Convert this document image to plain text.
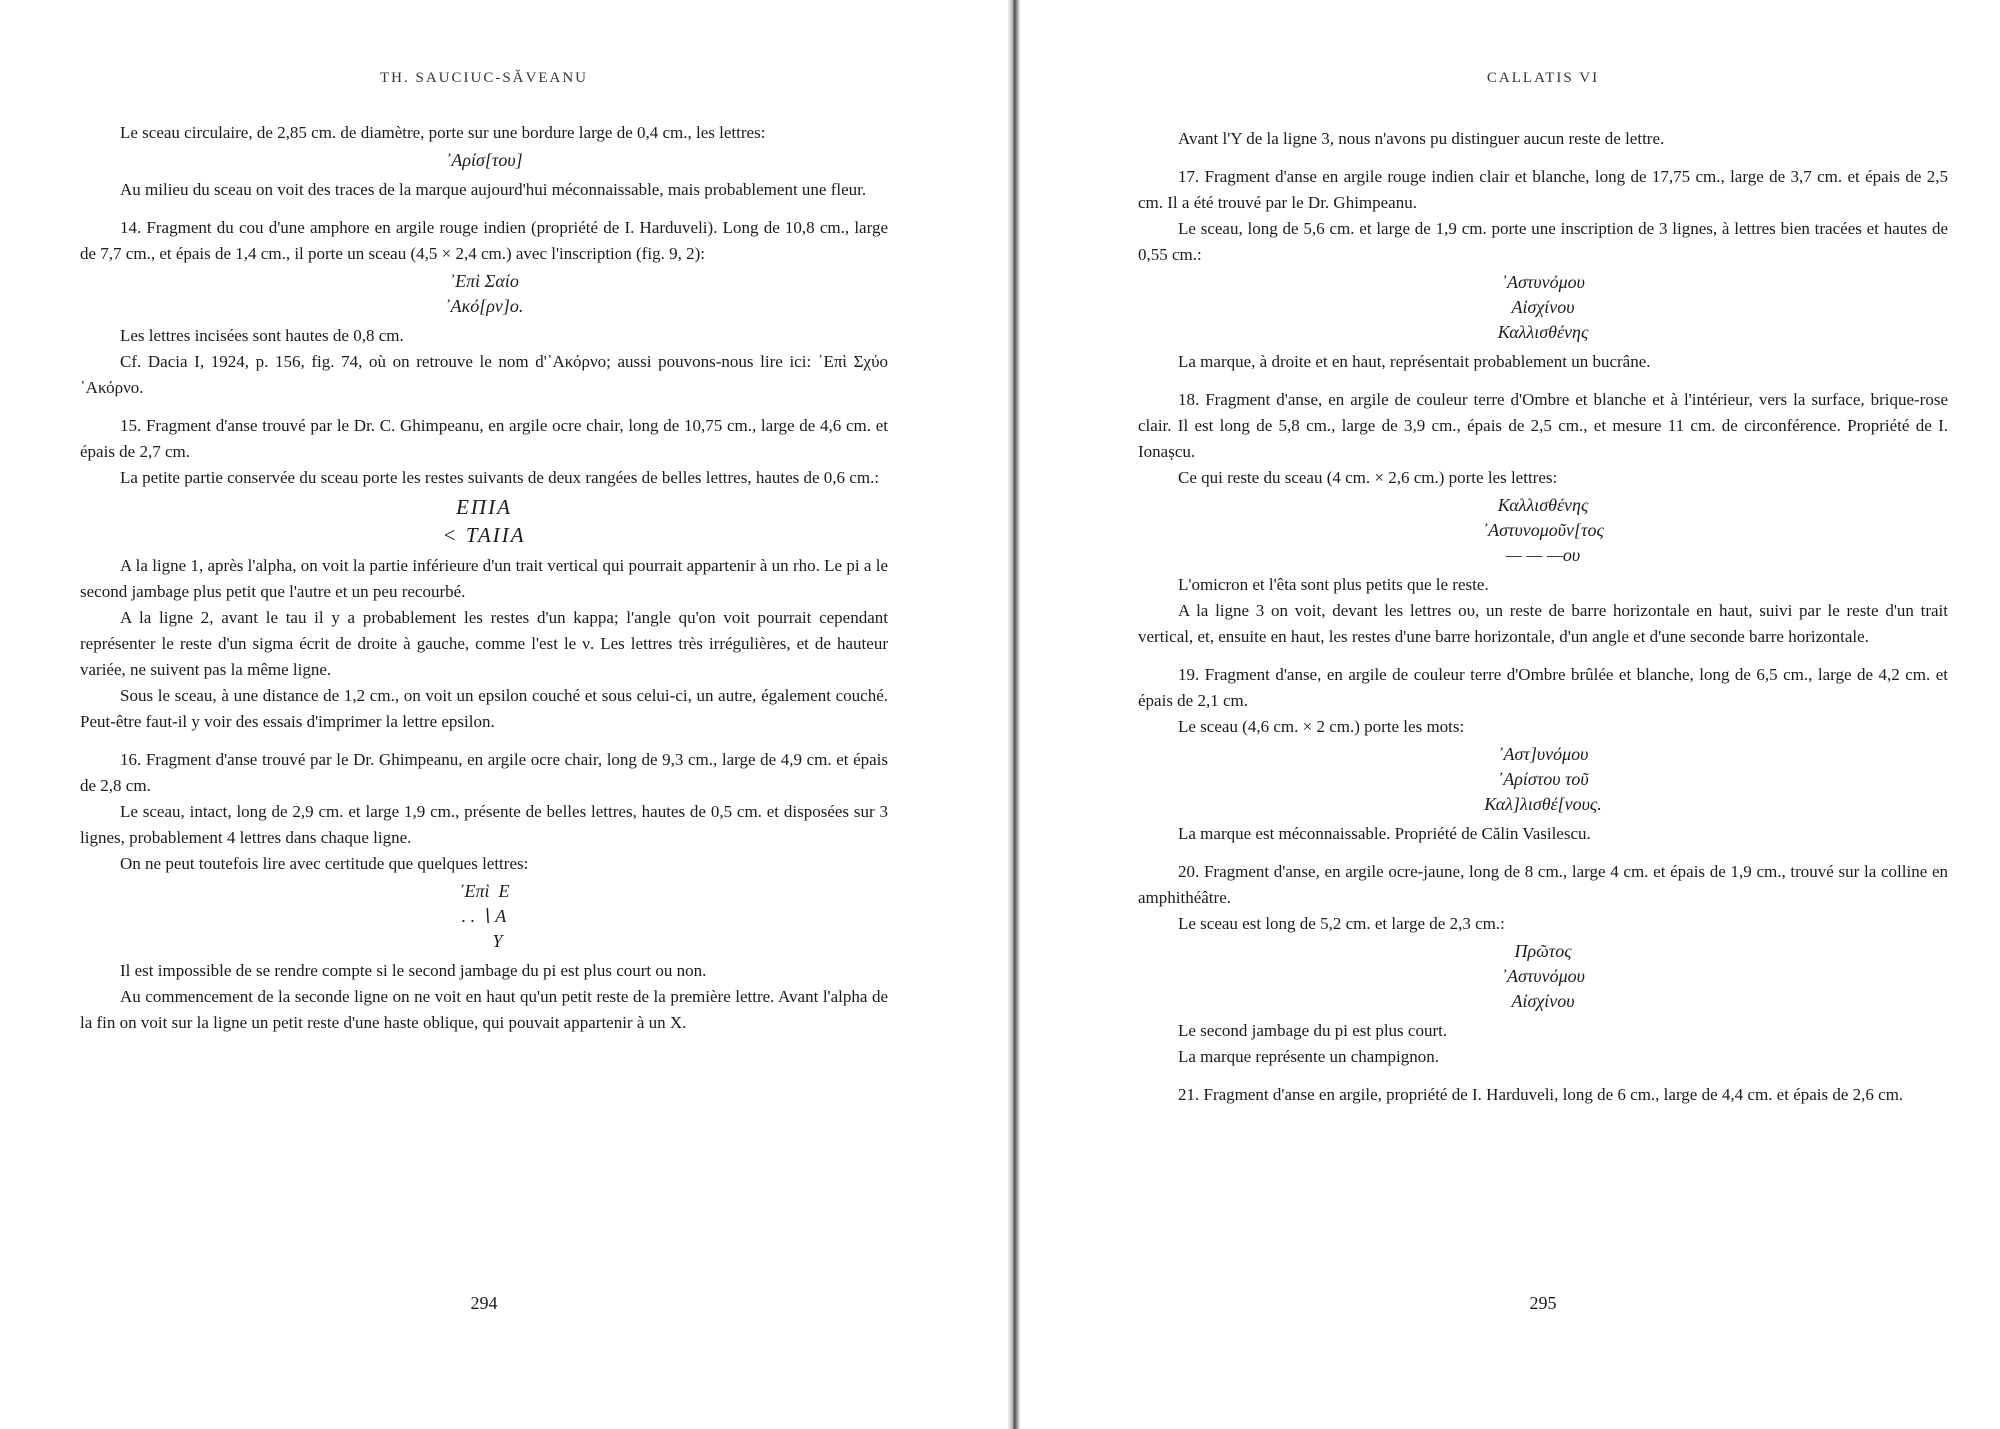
TH. SAUCIUC-SĂVEANU

Le sceau circulaire, de 2,85 cm. de diamètre, porte sur une bordure large de 0,4 cm., les lettres:

᾿Αρίσ[του]

Au milieu du sceau on voit des traces de la marque aujourd'hui méconnaissable, mais probablement une fleur.

14. Fragment du cou d'une amphore en argile rouge indien (propriété de I. Harduveli). Long de 10,8 cm., large de 7,7 cm., et épais de 1,4 cm., il porte un sceau (4,5 × 2,4 cm.) avec l'inscription (fig. 9, 2):

᾿Επὶ Σαίο
᾿Ακό[ρν]ο.

Les lettres incisées sont hautes de 0,8 cm.

Cf. Dacia I, 1924, p. 156, fig. 74, où on retrouve le nom d'᾿Ακόρνο; aussi pouvons-nous lire ici: ᾿Επὶ Σχύο ᾿Ακόρνο.

15. Fragment d'anse trouvé par le Dr. C. Ghimpeanu, en argile ocre chair, long de 10,75 cm., large de 4,6 cm. et épais de 2,7 cm.

La petite partie conservée du sceau porte les restes suivants de deux rangées de belles lettres, hautes de 0,6 cm.:

ΕΠΙΑ
< ΤΑΙΙΑ

A la ligne 1, après l'alpha, on voit la partie inférieure d'un trait vertical qui pourrait appartenir à un rho. Le pi a le second jambage plus petit que l'autre et un peu recourbé.

A la ligne 2, avant le tau il y a probablement les restes d'un kappa; l'angle qu'on voit pourrait cependant représenter le reste d'un sigma écrit de droite à gauche, comme l'est le ν. Les lettres très irrégulières, et de hauteur variée, ne suivent pas la même ligne.

Sous le sceau, à une distance de 1,2 cm., on voit un epsilon couché et sous celui-ci, un autre, également couché. Peut-être faut-il y voir des essais d'imprimer la lettre epsilon.

16. Fragment d'anse trouvé par le Dr. Ghimpeanu, en argile ocre chair, long de 9,3 cm., large de 4,9 cm. et épais de 2,8 cm.

Le sceau, intact, long de 2,9 cm. et large 1,9 cm., présente de belles lettres, hautes de 0,5 cm. et disposées sur 3 lignes, probablement 4 lettres dans chaque ligne.

On ne peut toutefois lire avec certitude que quelques lettres:

᾿Επὶ  Ε
. . ∖ Α
Υ

Il est impossible de se rendre compte si le second jambage du pi est plus court ou non.

Au commencement de la seconde ligne on ne voit en haut qu'un petit reste de la première lettre. Avant l'alpha de la fin on voit sur la ligne un petit reste d'une haste oblique, qui pouvait appartenir à un X.

294
CALLATIS VI

Avant l'Y de la ligne 3, nous n'avons pu distinguer aucun reste de lettre.

17. Fragment d'anse en argile rouge indien clair et blanche, long de 17,75 cm., large de 3,7 cm. et épais de 2,5 cm. Il a été trouvé par le Dr. Ghimpeanu.

Le sceau, long de 5,6 cm. et large de 1,9 cm. porte une inscription de 3 lignes, à lettres bien tracées et hautes de 0,55 cm.:

᾿Αστυνόμου
Αἰσχίνου
Καλλισθένης

La marque, à droite et en haut, représentait probablement un bucrâne.

18. Fragment d'anse, en argile de couleur terre d'Ombre et blanche et à l'intérieur, vers la surface, brique-rose clair. Il est long de 5,8 cm., large de 3,9 cm., épais de 2,5 cm., et mesure 11 cm. de circonférence. Propriété de I. Ionașcu.

Ce qui reste du sceau (4 cm. × 2,6 cm.) porte les lettres:

Καλλισθένης
᾿Αστυνομοῦν[τος
— — —ου

L'omicron et l'êta sont plus petits que le reste.

A la ligne 3 on voit, devant les lettres ου, un reste de barre horizontale en haut, suivi par le reste d'un trait vertical, et, ensuite en haut, les restes d'une barre horizontale, d'un angle et d'une seconde barre horizontale.

19. Fragment d'anse, en argile de couleur terre d'Ombre brûlée et blanche, long de 6,5 cm., large de 4,2 cm. et épais de 2,1 cm.

Le sceau (4,6 cm. × 2 cm.) porte les mots:

᾿Αστ]υνόμου
᾿Αρίστου τοῦ
Καλ]λισθέ[νους.

La marque est méconnaissable. Propriété de Călin Vasilescu.

20. Fragment d'anse, en argile ocre-jaune, long de 8 cm., large 4 cm. et épais de 1,9 cm., trouvé sur la colline en amphithéâtre.

Le sceau est long de 5,2 cm. et large de 2,3 cm.:

Πρῶτος
᾿Αστυνόμου
Αἰσχίνου

Le second jambage du pi est plus court.

La marque représente un champignon.

21. Fragment d'anse en argile, propriété de I. Harduveli, long de 6 cm., large de 4,4 cm. et épais de 2,6 cm.

295
